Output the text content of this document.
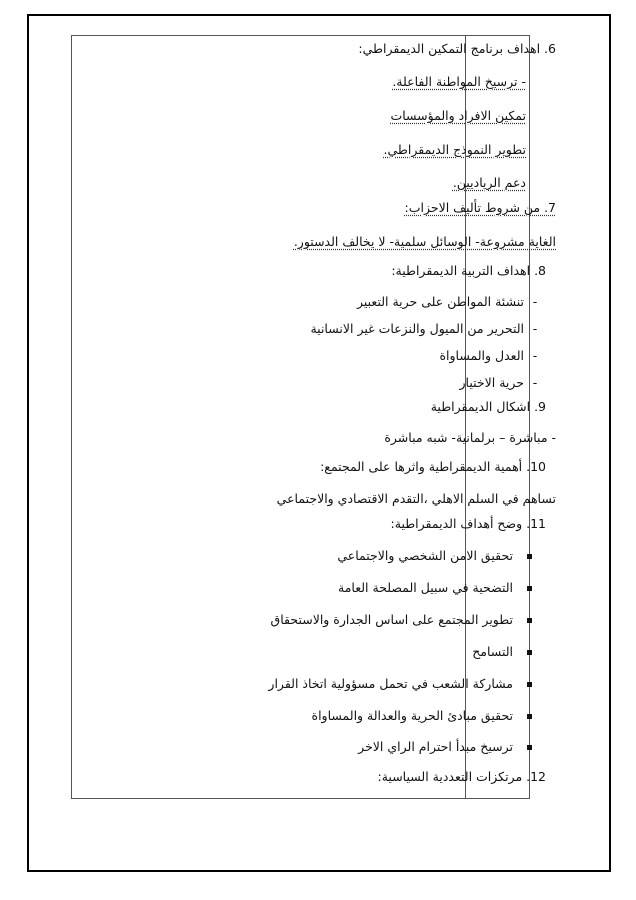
6. اهداف برنامج التمكين الديمقراطي:
- ترسيخ المواطنة الفاعلة.
تمكين الافراد والمؤسسات
تطوير النموذج الديمقراطي.
دعم الرياديين.
7. من شروط تأليف الاحزاب:
الغاية مشروعة- الوسائل سلمية- لا يخالف الدستور.
8. اهداف التربية الديمقراطية:
- تنشئة المواطن على حرية التعبير
- التحرير من الميول والنزعات غير الانسانية
- العدل والمساواة
- حرية الاختيار
9. اشكال الديمقراطية
- مباشرة – برلمانية- شبه مباشرة
10. أهمية الديمقراطية واثرها على المجتمع:
تساهم في السلم الاهلي ،التقدم الاقتصادي والاجتماعي
11. وضح أهداف الديمقراطية:
تحقيق الامن الشخصي والاجتماعي
التضحية في سبيل المصلحة العامة
تطوير المجتمع على اساس الجدارة والاستحقاق
التسامح
مشاركة الشعب في تحمل مسؤولية اتخاذ القرار
تحقيق مبادئ الحرية والعدالة والمساواة
ترسيخ مبدأ احترام الراي الاخر
12. مرتكزات التعددية السياسية:
